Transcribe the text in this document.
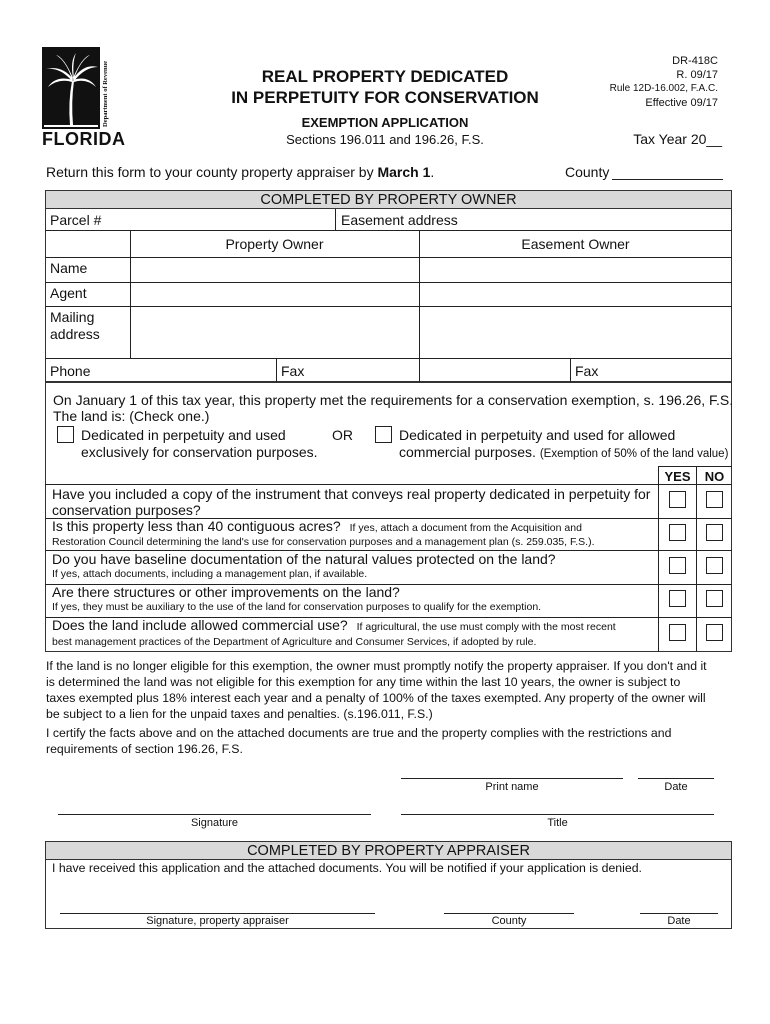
Department of Revenue
FLORIDA
REAL PROPERTY DEDICATED
IN PERPETUITY FOR CONSERVATION
EXEMPTION APPLICATION
Sections 196.011 and 196.26, F.S.
DR-418C
R. 09/17
Rule 12D-16.002, F.A.C.
Effective 09/17
Tax Year 20__
Return this form to your county property appraiser by March 1.	County
COMPLETED BY PROPERTY OWNER
Parcel #	Easement address
Property Owner	Easement Owner
Name
Agent
Mailing
address
Phone	Fax	Fax
On January 1 of this tax year, this property met the requirements for a conservation exemption, s. 196.26, F.S.
The land is: (Check one.)
Dedicated in perpetuity and used
exclusively for conservation purposes.
OR	Dedicated in perpetuity and used for allowed
commercial purposes. (Exemption of 50% of the land value)
YES	NO
Have you included a copy of the instrument that conveys real property dedicated in perpetuity for
conservation purposes?
Is this property less than 40 contiguous acres? If yes, attach a document from the Acquisition and
Restoration Council determining the land's use for conservation purposes and a management plan (s. 259.035, F.S.).
Do you have baseline documentation of the natural values protected on the land?
If yes, attach documents, including a management plan, if available.
Are there structures or other improvements on the land?
If yes, they must be auxiliary to the use of the land for conservation purposes to qualify for the exemption.
Does the land include allowed commercial use? If agricultural, the use must comply with the most recent
best management practices of the Department of Agriculture and Consumer Services, if adopted by rule.
If the land is no longer eligible for this exemption, the owner must promptly notify the property appraiser. If you don't and it
is determined the land was not eligible for this exemption for any time within the last 10 years, the owner is subject to
taxes exempted plus 18% interest each year and a penalty of 100% of the taxes exempted. Any property of the owner will
be subject to a lien for the unpaid taxes and penalties. (s.196.011, F.S.)
I certify the facts above and on the attached documents are true and the property complies with the restrictions and
requirements of section 196.26, F.S.
Print name	Date
Signature	Title
COMPLETED BY PROPERTY APPRAISER
I have received this application and the attached documents. You will be notified if your application is denied.
Signature, property appraiser	County	Date
